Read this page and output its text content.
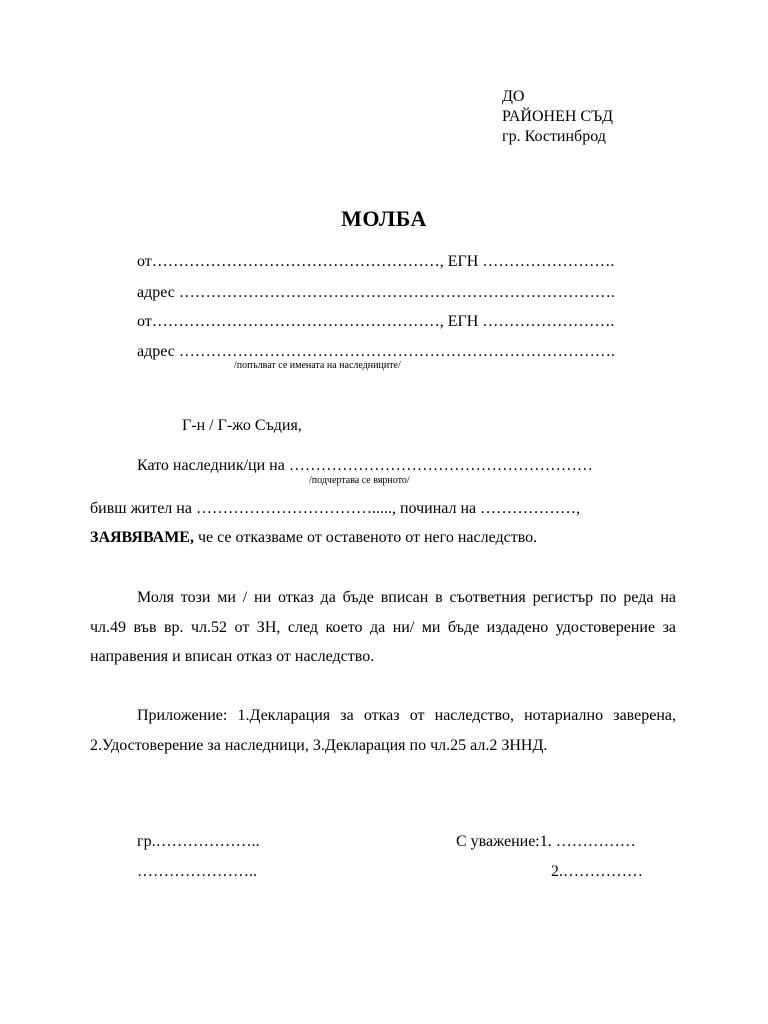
ДО
РАЙОНЕН СЪД
гр. Костинброд
МОЛБА
от………………………………………………, ЕГН …………………….
адрес ……………………………………………………………………….
от………………………………………………, ЕГН …………………….
адрес ……………………………………………………………………….
/попълват се имената на наследниците/
Г-н / Г-жо Съдия,
Като наследник/ци на …………………………………………………
/подчертава се вярното/
бивш жител на ……………………………....., починал на ………………,
ЗАЯВЯВАМЕ, че се отказваме от оставеното от него наследство.
Моля този ми / ни отказ да бъде вписан в съответния регистър по реда на чл.49 във вр. чл.52 от ЗН, след което да ни/ ми бъде издадено удостоверение за направения и вписан отказ от наследство.
Приложение: 1.Декларация за отказ от наследство, нотариално заверена, 2.Удостоверение за наследници, 3.Декларация по чл.25 ал.2 ЗННД.
гр.………………..
…………………..
С уважение:1. ……………
2.……………
